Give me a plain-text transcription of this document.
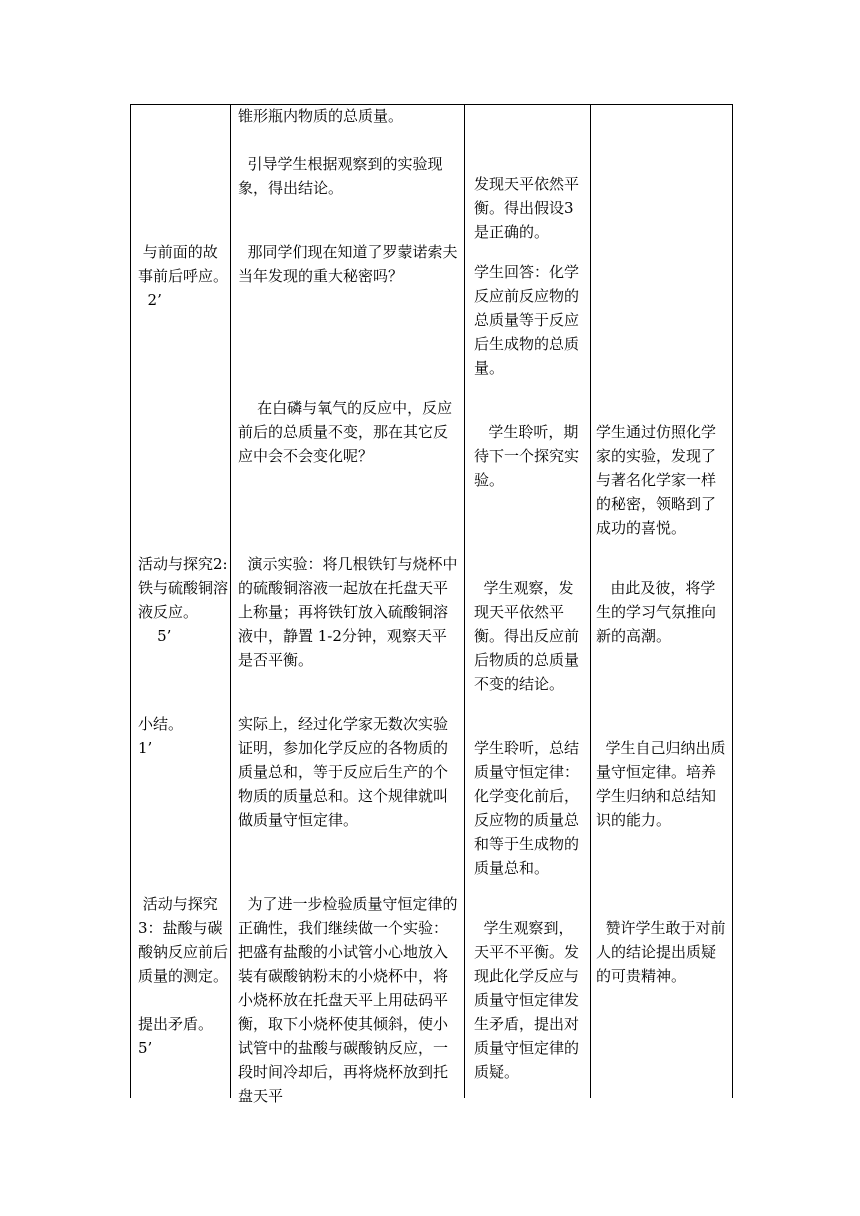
与前面的故事前后呼应。
2’
锥形瓶内物质的总质量。
引导学生根据观察到的实验现象，得出结论。
那同学们现在知道了罗蒙诺索夫当年发现的重大秘密吗？
发现天平依然平衡。得出假设3是正确的。
学生回答：化学反应前反应物的总质量等于反应后生成物的总质量。
在白磷与氧气的反应中，反应前后的总质量不变，那在其它反应中会不会变化呢？
学生聆听，期待下一个探究实验。
学生通过仿照化学家的实验，发现了与著名化学家一样的秘密，领略到了成功的喜悦。
活动与探究2:铁与硫酸铜溶液反应。
5’
演示实验：将几根铁钉与烧杯中的硫酸铜溶液一起放在托盘天平上称量；再将铁钉放入硫酸铜溶液中，静置 1-2分钟，观察天平是否平衡。
学生观察，发现天平依然平衡。得出反应前后物质的总质量不变的结论。
由此及彼，将学生的学习气氛推向新的高潮。
小结。
1’
实际上，经过化学家无数次实验证明，参加化学反应的各物质的质量总和，等于反应后生产的个物质的质量总和。这个规律就叫做质量守恒定律。
学生聆听，总结质量守恒定律：化学变化前后，反应物的质量总和等于生成物的质量总和。
学生自己归纳出质量守恒定律。培养学生归纳和总结知识的能力。
活动与探究3：盐酸与碳酸钠反应前后质量的测定。

提出矛盾。
5’
为了进一步检验质量守恒定律的正确性，我们继续做一个实验：把盛有盐酸的小试管小心地放入装有碳酸钠粉末的小烧杯中，将小烧杯放在托盘天平上用砝码平衡，取下小烧杯使其倾斜，使小试管中的盐酸与碳酸钠反应，一段时间冷却后，再将烧杯放到托盘天平
学生观察到，天平不平衡。发现此化学反应与质量守恒定律发生矛盾，提出对质量守恒定律的质疑。
赞许学生敢于对前人的结论提出质疑的可贵精神。
